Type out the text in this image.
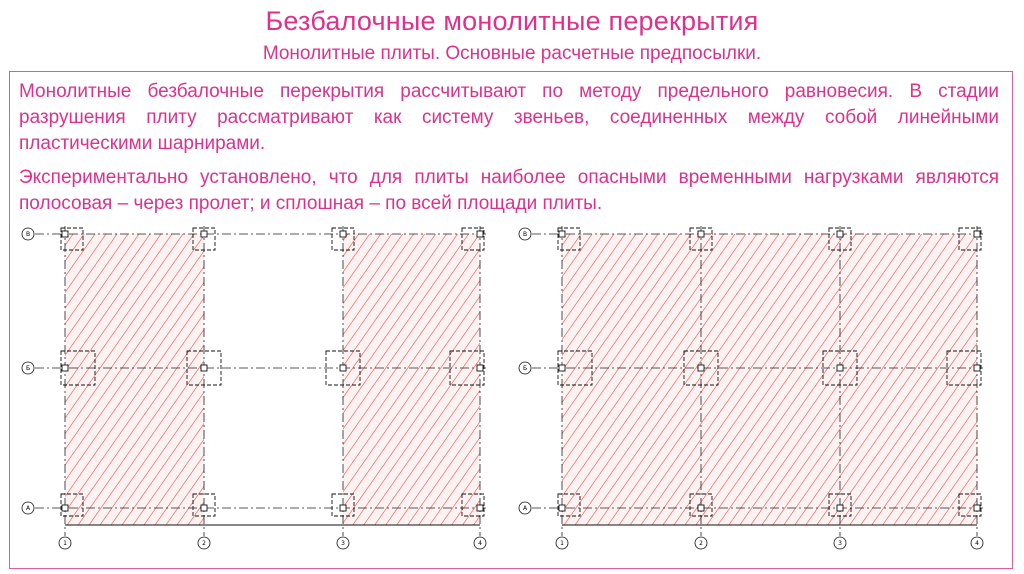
Безбалочные монолитные перекрытия
Монолитные плиты. Основные расчетные предпосылки.

Монолитные безбалочные перекрытия рассчитывают по методу предельного равновесия. В стадии разрушения плиту рассматривают как систему звеньев, соединенных между собой линейными пластическими шарнирами.

Экспериментально установлено, что для плиты наиболее опасными временными нагрузками являются полосовая – через пролет; и сплошная – по всей площади плиты.

В
Б
А
1	2	3	4
В
Б
А
1	2	3	4
